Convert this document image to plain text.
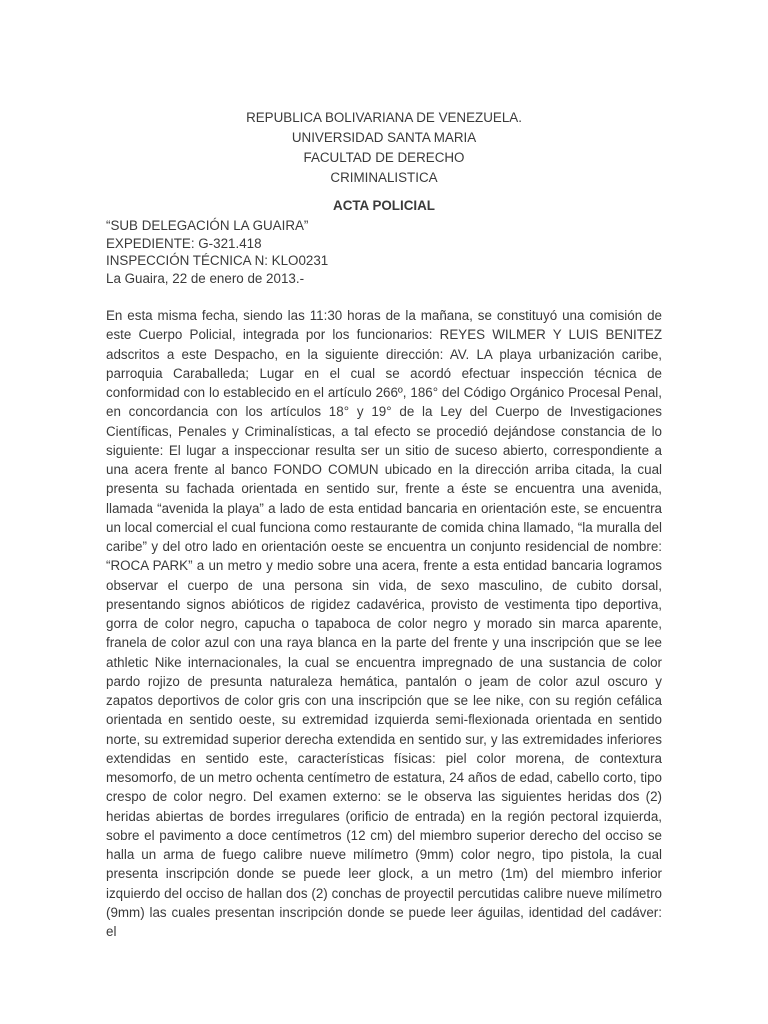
REPUBLICA BOLIVARIANA DE VENEZUELA.
UNIVERSIDAD SANTA MARIA
FACULTAD DE DERECHO
CRIMINALISTICA
ACTA POLICIAL
“SUB DELEGACIÓN LA GUAIRA”
EXPEDIENTE: G-321.418
INSPECCIÓN TÉCNICA N: KLO0231
La Guaira, 22 de enero de 2013.-
En esta misma fecha, siendo las 11:30 horas de la mañana, se constituyó una comisión de este Cuerpo Policial, integrada por los funcionarios: REYES WILMER Y LUIS BENITEZ adscritos a este Despacho, en la siguiente dirección: AV. LA playa urbanización caribe, parroquia Caraballeda; Lugar en el cual se acordó efectuar inspección técnica de conformidad con lo establecido en el artículo 266º, 186° del Código Orgánico Procesal Penal, en concordancia con los artículos 18° y 19° de la Ley del Cuerpo de Investigaciones Científicas, Penales y Criminalísticas, a tal efecto se procedió dejándose constancia de lo siguiente: El lugar a inspeccionar resulta ser un sitio de suceso abierto, correspondiente a una acera frente al banco FONDO COMUN ubicado en la dirección arriba citada, la cual presenta su fachada orientada en sentido sur, frente a éste se encuentra una avenida, llamada “avenida la playa” a lado de esta entidad bancaria en orientación este, se encuentra un local comercial el cual funciona como restaurante de comida china llamado, “la muralla del caribe” y del otro lado en orientación oeste se encuentra un conjunto residencial de nombre: “ROCA PARK” a un metro y medio sobre una acera, frente a esta entidad bancaria logramos observar el cuerpo de una persona sin vida, de sexo masculino, de cubito dorsal, presentando signos abióticos de rigidez cadavérica, provisto de vestimenta tipo deportiva, gorra de color negro, capucha o tapaboca de color negro y morado sin marca aparente, franela de color azul con una raya blanca en la parte del frente y una inscripción que se lee athletic Nike internacionales, la cual se encuentra impregnado de una sustancia de color pardo rojizo de presunta naturaleza hemática, pantalón o jeam de color azul oscuro y zapatos deportivos de color gris con una inscripción que se lee nike, con su región cefálica orientada en sentido oeste, su extremidad izquierda semi-flexionada orientada en sentido norte, su extremidad superior derecha extendida en sentido sur, y las extremidades inferiores extendidas en sentido este, características físicas: piel color morena, de contextura mesomorfo, de un metro ochenta centímetro de estatura, 24 años de edad, cabello corto, tipo crespo de color negro. Del examen externo: se le observa las siguientes heridas dos (2) heridas abiertas de bordes irregulares (orificio de entrada) en la región pectoral izquierda, sobre el pavimento a doce centímetros (12 cm) del miembro superior derecho del occiso se halla un arma de fuego calibre nueve milímetro (9mm) color negro, tipo pistola, la cual presenta inscripción donde se puede leer glock, a un metro (1m) del miembro inferior izquierdo del occiso de hallan dos (2) conchas de proyectil percutidas calibre nueve milímetro (9mm) las cuales presentan inscripción donde se puede leer águilas, identidad del cadáver: el
